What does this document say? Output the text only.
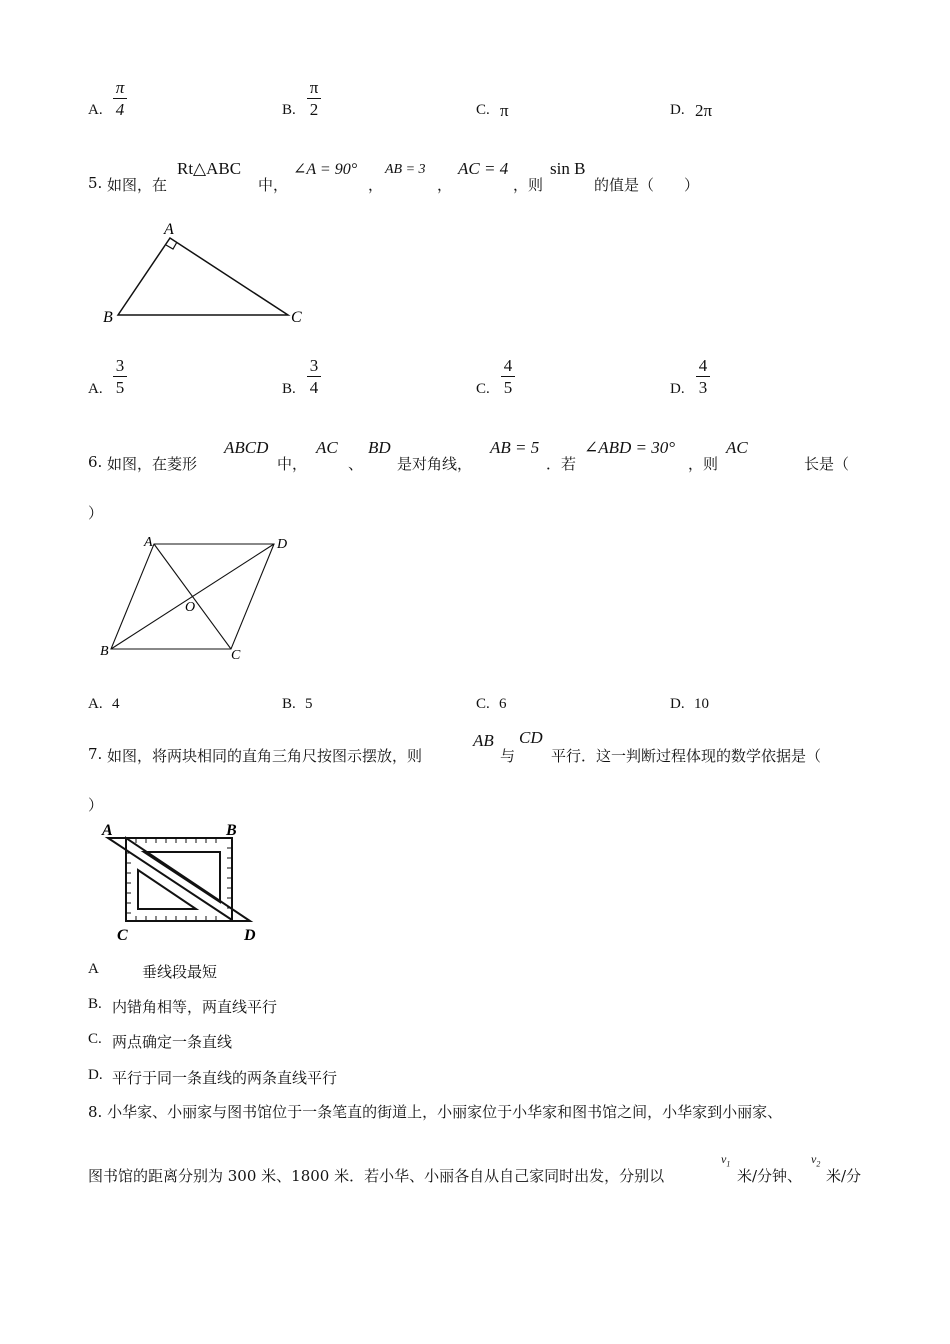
A.
π
4	B.
π
2	C. π	D. 2π
5. 如图，在
Rt△ABC
中，
∠A = 90°
，
AB = 3
，
AC = 4
，则
sin B
的值是（　　）
A
B	C
A.
3
5	B.
3
4	C.
4
5	D.
4
3
6. 如图，在菱形
ABCD
中，
AC
、
BD
是对角线，
AB = 5
．若
∠ABD = 30°
，则
AC
长是（
）
A	D
B	C
O
A. 4	B. 5	C. 6	D. 10
7. 如图，将两块相同的直角三角尺按图示摆放，则
AB
与
CD
平行．这一判断过程体现的数学依据是（
）
A	B
C	D
A	垂线段最短
B. 内错角相等，两直线平行
C. 两点确定一条直线
D. 平行于同一条直线的两条直线平行
8. 小华家、小丽家与图书馆位于一条笔直的街道上，小丽家位于小华家和图书馆之间，小华家到小丽家、
图书馆的距离分别为 300 米、1800 米．若小华、小丽各自从自己家同时出发，分别以
$v_1$
米/分钟、
$v_2$
米/分
